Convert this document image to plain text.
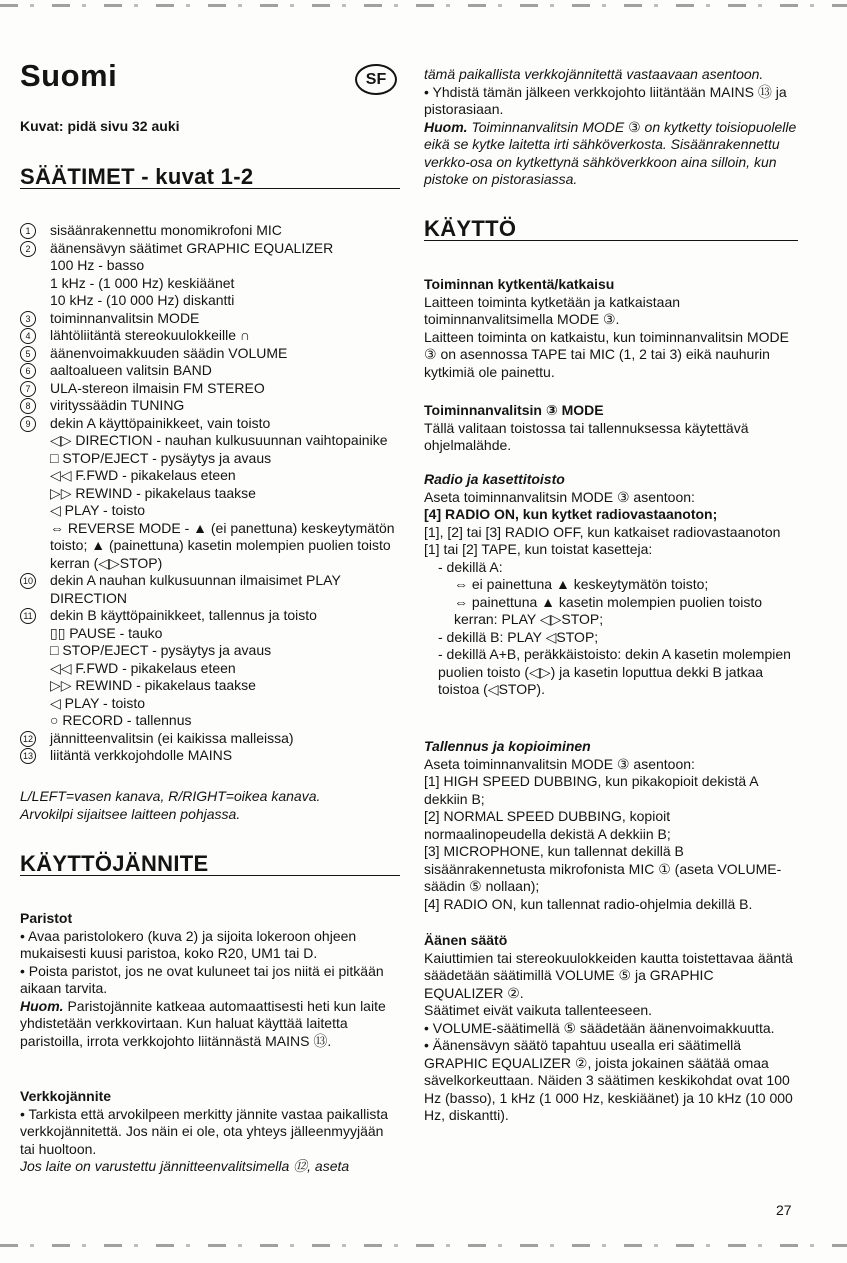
Suomi	SF
Kuvat: pidä sivu 32 auki
SÄÄTIMET - kuvat 1-2

1	sisäänrakennettu monomikrofoni MIC

2	äänensävyn säätimet GRAPHIC EQUALIZER

100 Hz - basso

1 kHz - (1 000 Hz) keskiäänet

10 kHz - (10 000 Hz) diskantti

3	toiminnanvalitsin MODE

4	lähtöliitäntä stereokuulokkeille ∩

5	äänenvoimakkuuden säädin VOLUME

6	aaltoalueen valitsin BAND

7	ULA-stereon ilmaisin FM STEREO

8	virityssäädin TUNING

9	dekin A käyttöpainikkeet, vain toisto

◁▷ DIRECTION - nauhan kulkusuunnan vaihtopainike

□ STOP/EJECT - pysäytys ja avaus

◁◁ F.FWD - pikakelaus eteen

▷▷ REWIND - pikakelaus taakse

◁ PLAY - toisto

⇔ REVERSE MODE - ▲ (ei panettuna) keskeytymätön toisto; ▲ (painettuna) kasetin molempien puolien toisto kerran (◁▷STOP)

10 dekin A nauhan kulkusuunnan ilmaisimet PLAY DIRECTION

11 dekin B käyttöpainikkeet, tallennus ja toisto

▯▯ PAUSE - tauko

□ STOP/EJECT - pysäytys ja avaus

◁◁ F.FWD - pikakelaus eteen

▷▷ REWIND - pikakelaus taakse

◁ PLAY - toisto

○ RECORD - tallennus

12 jännitteenvalitsin (ei kaikissa malleissa)

13 liitäntä verkkojohdolle MAINS

L/LEFT=vasen kanava, R/RIGHT=oikea kanava.

Arvokilpi sijaitsee laitteen pohjassa.

KÄYTTÖJÄNNITE

Paristot

• Avaa paristolokero (kuva 2) ja sijoita lokeroon ohjeen mukaisesti kuusi paristoa, koko R20, UM1 tai D.

• Poista paristot, jos ne ovat kuluneet tai jos niitä ei pitkään aikaan tarvita.

Huom. Paristojännite katkeaa automaattisesti heti kun laite yhdistetään verkkovirtaan. Kun haluat käyttää laitetta paristoilla, irrota verkkojohto liitännästä MAINS ⑬.

Verkkojännite

• Tarkista että arvokilpeen merkitty jännite vastaa paikallista verkkojännitettä. Jos näin ei ole, ota yhteys jälleenmyyjään tai huoltoon.

Jos laite on varustettu jännitteenvalitsimella ⑫, aseta

tämä paikallista verkkojännitettä vastaavaan asentoon.

• Yhdistä tämän jälkeen verkkojohto liitäntään MAINS ⑬ ja pistorasiaan.

Huom. Toiminnanvalitsin MODE ③ on kytketty toisiopuolelle eikä se kytke laitetta irti sähköverkosta. Sisäänrakennettu verkko-osa on kytkettynä sähköverkkoon aina silloin, kun pistoke on pistorasiassa.

KÄYTTÖ

Toiminnan kytkentä/katkaisu

Laitteen toiminta kytketään ja katkaistaan toiminnanvalitsimella MODE ③.

Laitteen toiminta on katkaistu, kun toiminnanvalitsin MODE ③ on asennossa TAPE tai MIC (1, 2 tai 3) eikä nauhurin kytkimiä ole painettu.

Toiminnanvalitsin ③ MODE

Tällä valitaan toistossa tai tallennuksessa käytettävä ohjelmalähde.

Radio ja kasettitoisto

Aseta toiminnanvalitsin MODE ③ asentoon:

[4] RADIO ON, kun kytket radiovastaanoton;

[1], [2] tai [3] RADIO OFF, kun katkaiset radiovastaanoton

[1] tai [2] TAPE, kun toistat kasetteja:

- dekillä A:

⇔ ei painettuna ▲ keskeytymätön toisto;

⇔ painettuna ▲ kasetin molempien puolien toisto kerran: PLAY ◁▷STOP;

- dekillä B: PLAY ◁STOP;

- dekillä A+B, peräkkäistoisto: dekin A kasetin molempien puolien toisto (◁▷) ja kasetin loputtua dekki B jatkaa toistoa (◁STOP).

Tallennus ja kopioiminen

Aseta toiminnanvalitsin MODE ③ asentoon:

[1] HIGH SPEED DUBBING, kun pikakopioit dekistä A dekkiin B;

[2] NORMAL SPEED DUBBING, kopioit normaalinopeudella dekistä A dekkiin B;

[3] MICROPHONE, kun tallennat dekillä B sisäänrakennetusta mikrofonista MIC ① (aseta VOLUME-säädin ⑤ nollaan);

[4] RADIO ON, kun tallennat radio-ohjelmia dekillä B.

Äänen säätö

Kaiuttimien tai stereokuulokkeiden kautta toistettavaa ääntä säädetään säätimillä VOLUME ⑤ ja GRAPHIC EQUALIZER ②.

Säätimet eivät vaikuta tallenteeseen.

• VOLUME-säätimellä ⑤ säädetään äänenvoimakkuutta.

• Äänensävyn säätö tapahtuu usealla eri säätimellä GRAPHIC EQUALIZER ②, joista jokainen säätää omaa sävelkorkeuttaan. Näiden 3 säätimen keskikohdat ovat 100 Hz (basso), 1 kHz (1 000 Hz, keskiäänet) ja 10 kHz (10 000 Hz, diskantti).

27
